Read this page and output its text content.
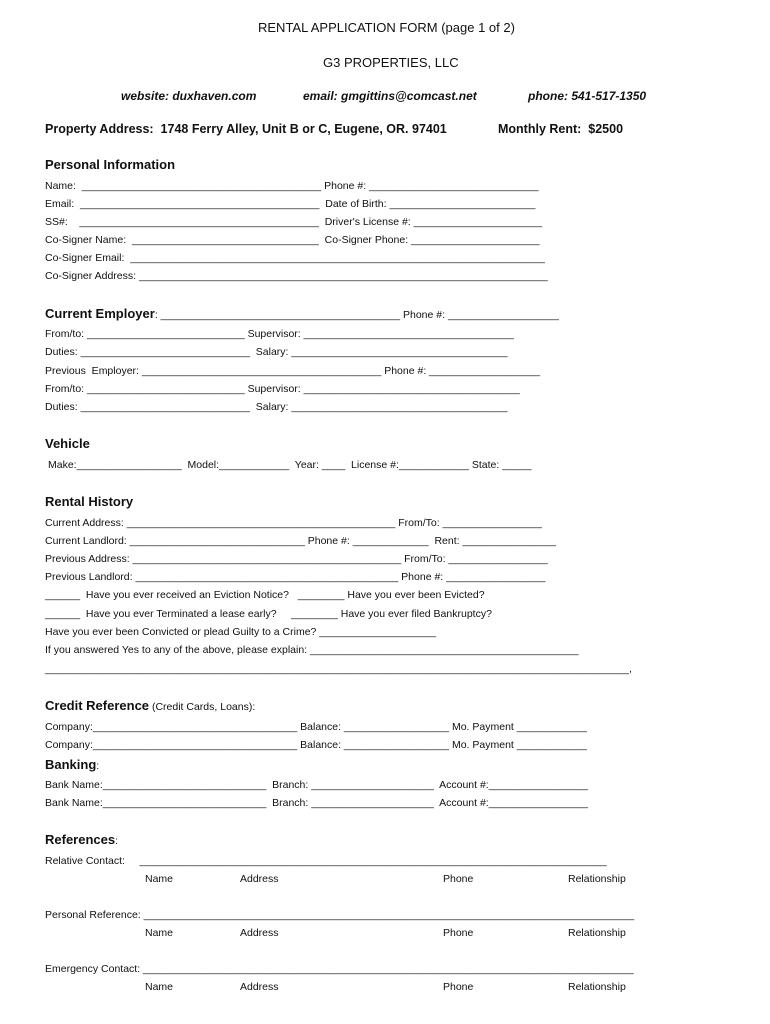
RENTAL APPLICATION FORM (page 1 of 2)
G3 PROPERTIES, LLC
website: duxhaven.com	email: gmgittins@comcast.net	phone: 541-517-1350
Property Address:  1748 Ferry Alley, Unit B or C, Eugene, OR. 97401	Monthly Rent:  $2500
Personal Information
Name:  _________________________________________ Phone #: _____________________________
Email:  _________________________________________  Date of Birth: _________________________
SS#:    _________________________________________  Driver's License #: ______________________
Co-Signer Name:  ________________________________  Co-Signer Phone: ______________________
Co-Signer Email:  _______________________________________________________________________
Co-Signer Address: ______________________________________________________________________
Current Employer: _________________________________________ Phone #: ___________________
From/to: ___________________________ Supervisor: ____________________________________
Duties: _____________________________  Salary: _____________________________________
Previous  Employer: _________________________________________ Phone #: ___________________
From/to: ___________________________ Supervisor: _____________________________________
Duties: _____________________________  Salary: _____________________________________
Vehicle
Make:__________________  Model:____________  Year: ____  License #:____________ State: _____
Rental History
Current Address: ______________________________________________ From/To: _________________
Current Landlord: ______________________________ Phone #: _____________  Rent: ________________
Previous Address: ______________________________________________ From/To: _________________
Previous Landlord: _____________________________________________ Phone #: _________________
______  Have you ever received an Eviction Notice?   ________ Have you ever been Evicted?
______  Have you ever Terminated a lease early?     ________ Have you ever filed Bankruptcy?
Have you ever been Convicted or plead Guilty to a Crime? ____________________
If you answered Yes to any of the above, please explain: ______________________________________________
____________________________________________________________________________________________________,
Credit Reference (Credit Cards, Loans):
Company:___________________________________ Balance: __________________ Mo. Payment ____________
Company:___________________________________ Balance: __________________ Mo. Payment ____________
Banking:
Bank Name:____________________________  Branch: _____________________  Account #:_________________
Bank Name:____________________________  Branch: _____________________  Account #:_________________
References:
Relative Contact:     ________________________________________________________________________________
Name	Address	Phone	Relationship
Personal Reference: ____________________________________________________________________________________
Name	Address	Phone	Relationship
Emergency Contact: ____________________________________________________________________________________
Name	Address	Phone	Relationship
